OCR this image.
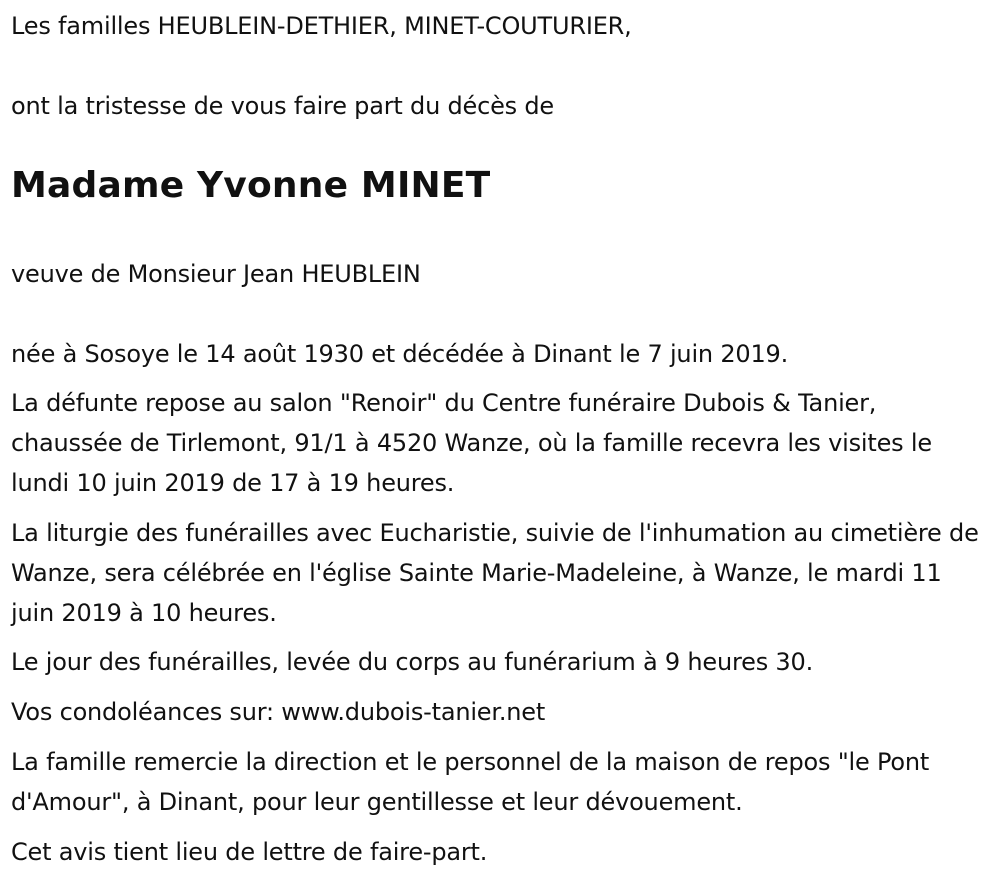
Les familles HEUBLEIN-DETHIER, MINET-COUTURIER,

ont la tristesse de vous faire part du décès de

Madame Yvonne MINET

veuve de Monsieur Jean HEUBLEIN

née à Sosoye le 14 août 1930 et décédée à Dinant le 7 juin 2019.

La défunte repose au salon "Renoir" du Centre funéraire Dubois & Tanier, chaussée de Tirlemont, 91/1 à 4520 Wanze, où la famille recevra les visites le lundi 10 juin 2019 de 17 à 19 heures.

La liturgie des funérailles avec Eucharistie, suivie de l'inhumation au cimetière de Wanze, sera célébrée en l'église Sainte Marie-Madeleine, à Wanze, le mardi 11 juin 2019 à 10 heures.

Le jour des funérailles, levée du corps au funérarium à 9 heures 30.

Vos condoléances sur: www.dubois-tanier.net

La famille remercie la direction et le personnel de la maison de repos "le Pont d'Amour", à Dinant, pour leur gentillesse et leur dévouement.

Cet avis tient lieu de lettre de faire-part.
